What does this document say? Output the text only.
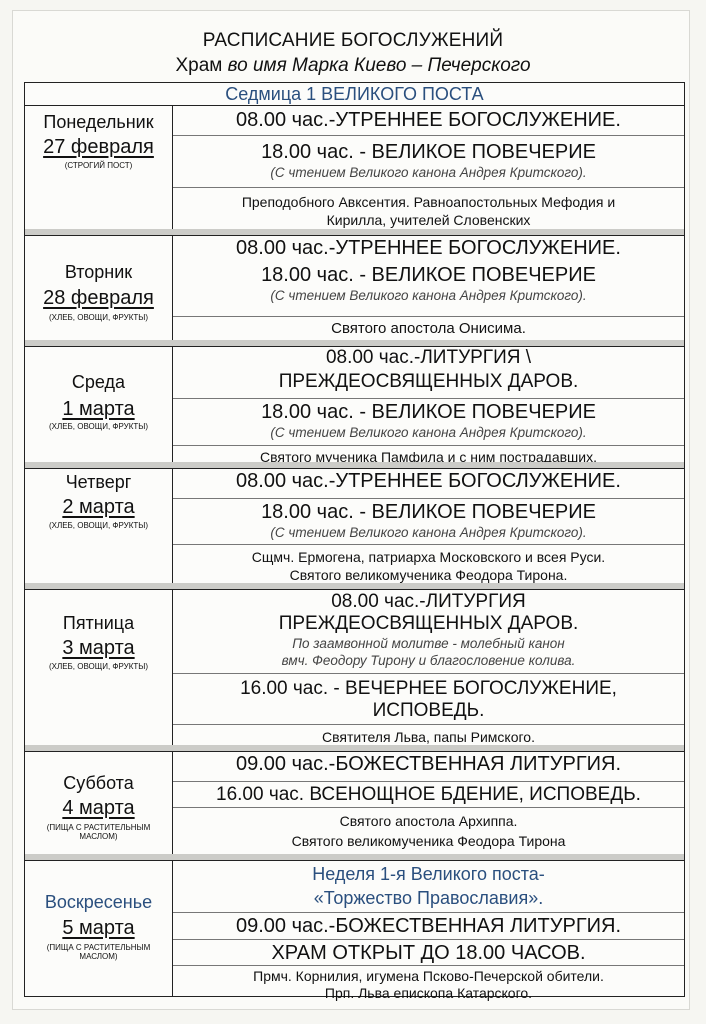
РАСПИСАНИЕ БОГОСЛУЖЕНИЙ
Храм во имя Марка Киево – Печерского
Седмица 1 ВЕЛИКОГО ПОСТА
Понедельник
27 февраля
(СТРОГИЙ ПОСТ)
08.00 час.-УТРЕННЕЕ БОГОСЛУЖЕНИЕ.
18.00 час. - ВЕЛИКОЕ ПОВЕЧЕРИЕ
(С чтением Великого канона Андрея Критского).
Преподобного Авксентия. Равноапостольных Мефодия и
Кирилла, учителей Словенских
Вторник
28 февраля
(ХЛЕБ, ОВОЩИ, ФРУКТЫ)
08.00 час.-УТРЕННЕЕ БОГОСЛУЖЕНИЕ.
18.00 час. - ВЕЛИКОЕ ПОВЕЧЕРИЕ
(С чтением Великого канона Андрея Критского).
Святого апостола Онисима.
Среда
1 марта
(ХЛЕБ, ОВОЩИ, ФРУКТЫ)
08.00 час.-ЛИТУРГИЯ \
ПРЕЖДЕОСВЯЩЕННЫХ ДАРОВ.
18.00 час. - ВЕЛИКОЕ ПОВЕЧЕРИЕ
(С чтением Великого канона Андрея Критского).
Святого мученика Памфила и с ним пострадавших.
Четверг
2 марта
(ХЛЕБ, ОВОЩИ, ФРУКТЫ)
08.00 час.-УТРЕННЕЕ БОГОСЛУЖЕНИЕ.
18.00 час. - ВЕЛИКОЕ ПОВЕЧЕРИЕ
(С чтением Великого канона Андрея Критского).
Сщмч. Ермогена, патриарха Московского и всея Руси.
Святого великомученика Феодора Тирона.
Пятница
3 марта
(ХЛЕБ, ОВОЩИ, ФРУКТЫ)
08.00 час.-ЛИТУРГИЯ
ПРЕЖДЕОСВЯЩЕННЫХ ДАРОВ.
По заамвонной молитве - молебный канон
вмч. Феодору Тирону и благословение колива.
16.00 час. - ВЕЧЕРНЕЕ БОГОСЛУЖЕНИЕ,
ИСПОВЕДЬ.
Святителя Льва, папы Римского.
Суббота
4 марта
(ПИЩА С РАСТИТЕЛЬНЫМ МАСЛОМ)
09.00 час.-БОЖЕСТВЕННАЯ ЛИТУРГИЯ.
16.00 час. ВСЕНОЩНОЕ БДЕНИЕ, ИСПОВЕДЬ.
Святого апостола Архиппа.
Святого великомученика Феодора Тирона
Воскресенье
5 марта
(ПИЩА С РАСТИТЕЛЬНЫМ МАСЛОМ)
Неделя 1-я Великого поста-
«Торжество Православия».
09.00 час.-БОЖЕСТВЕННАЯ ЛИТУРГИЯ.
ХРАМ ОТКРЫТ ДО 18.00 ЧАСОВ.
Прмч. Корнилия, игумена Псково-Печерской обители.
Прп. Льва епископа Катарского.
